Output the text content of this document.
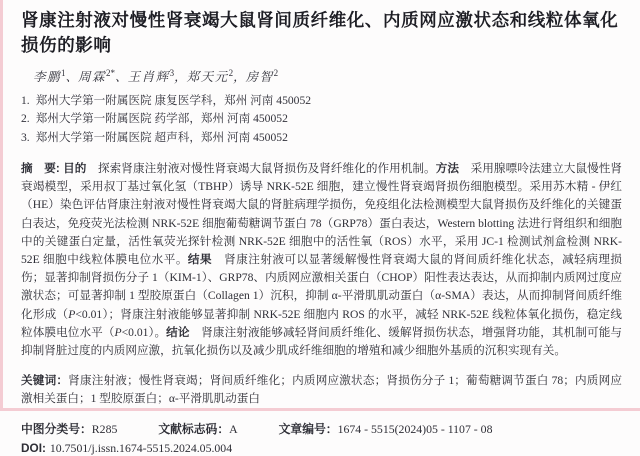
肾康注射液对慢性肾衰竭大鼠肾间质纤维化、内质网应激状态和线粒体氧化损伤的影响
李鹏$^1$、周霖$^{2*}$、王肖辉$^3$，郑天元$^2$，房智$^2$
1. 郑州大学第一附属医院 康复医学科，郑州 河南 450052
2. 郑州大学第一附属医院 药学部，郑州 河南 450052
3. 郑州大学第一附属医院 超声科，郑州 河南 450052

摘　要: 目的　探索肾康注射液对慢性肾衰竭大鼠肾损伤及肾纤维化的作用机制。方法　采用腺嘌呤法建立大鼠慢性肾衰竭模型，采用叔丁基过氧化氢（TBHP）诱导 NRK-52E 细胞，建立慢性肾衰竭肾损伤细胞模型。采用苏木精 - 伊红（HE）染色评估肾康注射液对慢性肾衰竭大鼠的肾脏病理学损伤，免疫组化法检测模型大鼠肾损伤及纤维化的关键蛋白表达，免疫荧光法检测 NRK-52E 细胞葡萄糖调节蛋白 78（GRP78）蛋白表达，Western blotting 法进行肾组织和细胞中的关键蛋白定量，活性氧荧光探针检测 NRK-52E 细胞中的活性氧（ROS）水平，采用 JC-1 检测试剂盒检测 NRK-52E 细胞中线粒体膜电位水平。结果　肾康注射液可以显著缓解慢性肾衰竭大鼠的肾间质纤维化状态，减轻病理损伤；显著抑制肾损伤分子 1（KIM-1）、GRP78、内质网应激相关蛋白（CHOP）阳性表达表达，从而抑制内质网过度应激状态；可显著抑制 1 型胶原蛋白（Collagen 1）沉积，抑制 α-平滑肌肌动蛋白（α-SMA）表达，从而抑制肾间质纤维化形成（P<0.01）；肾康注射液能够显著抑制 NRK-52E 细胞内 ROS 的水平，减轻 NRK-52E 线粒体氧化损伤，稳定线粒体膜电位水平（P<0.01）。结论　肾康注射液能够减轻肾间质纤维化、缓解肾损伤状态，增强肾功能，其机制可能与抑制肾脏过度的内质网应激，抗氧化损伤以及减少肌成纤维细胞的增殖和减少细胞外基质的沉积实现有关。

关键词：肾康注射液；慢性肾衰竭；肾间质纤维化；内质网应激状态；肾损伤分子 1；葡萄糖调节蛋白 78；内质网应激相关蛋白；1 型胶原蛋白；α-平滑肌肌动蛋白

中图分类号：R285	文献标志码：A	文章编号：1674 - 5515(2024)05 - 1107 - 08
DOI: 10.7501/j.issn.1674-5515.2024.05.004
